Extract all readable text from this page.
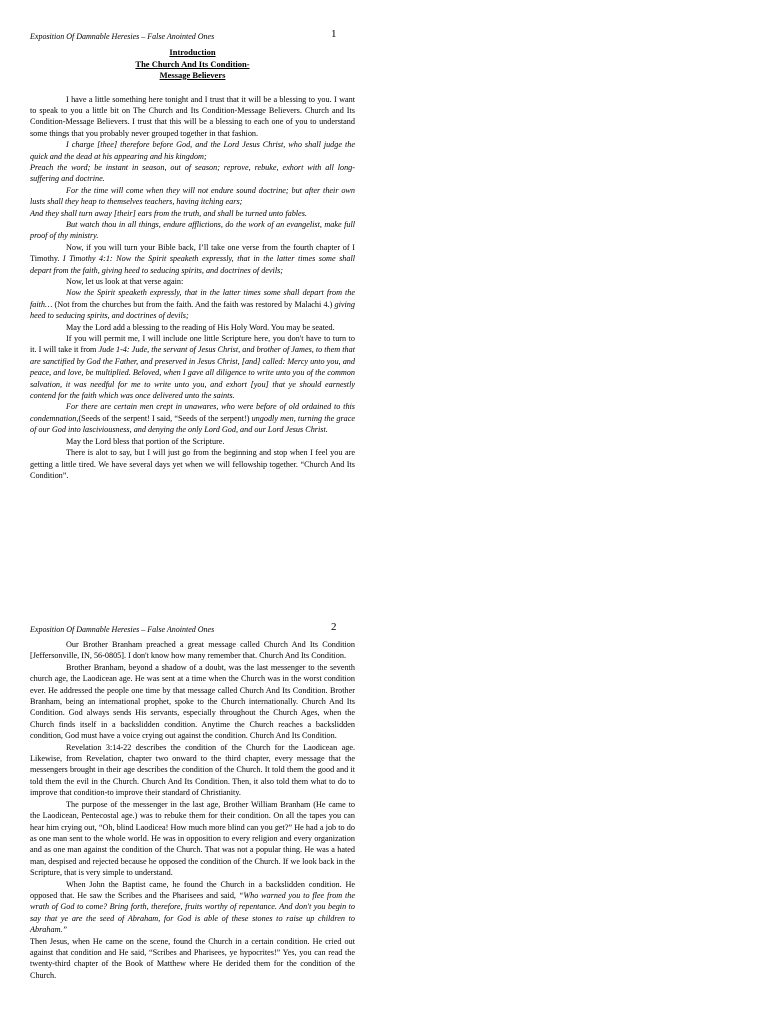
Exposition Of Damnable Heresies – False Anointed Ones	1
Introduction
The Church And Its Condition-
Message Believers

I have a little something here tonight and I trust that it will be a blessing to you. I want to speak to you a little bit on The Church and Its Condition-Message Believers. Church and Its Condition-Message Believers. I trust that this will be a blessing to each one of you to understand some things that you probably never grouped together in that fashion.

I charge [thee] therefore before God, and the Lord Jesus Christ, who shall judge the quick and the dead at his appearing and his kingdom;

Preach the word; be instant in season, out of season; reprove, rebuke, exhort with all long-suffering and doctrine.

For the time will come when they will not endure sound doctrine; but after their own lusts shall they heap to themselves teachers, having itching ears;

And they shall turn away [their] ears from the truth, and shall be turned unto fables.

But watch thou in all things, endure afflictions, do the work of an evangelist, make full proof of thy ministry.

Now, if you will turn your Bible back, I’ll take one verse from the fourth chapter of I Timothy. I Timothy 4:1: Now the Spirit speaketh expressly, that in the latter times some shall depart from the faith, giving heed to seducing spirits, and doctrines of devils;

Now, let us look at that verse again:

Now the Spirit speaketh expressly, that in the latter times some shall depart from the faith… (Not from the churches but from the faith. And the faith was restored by Malachi 4.) giving heed to seducing spirits, and doctrines of devils;

May the Lord add a blessing to the reading of His Holy Word. You may be seated.

If you will permit me, I will include one little Scripture here, you don't have to turn to it. I will take it from Jude 1-4: Jude, the servant of Jesus Christ, and brother of James, to them that are sanctified by God the Father, and preserved in Jesus Christ, [and] called: Mercy unto you, and peace, and love, be multiplied. Beloved, when I gave all diligence to write unto you of the common salvation, it was needful for me to write unto you, and exhort [you] that ye should earnestly contend for the faith which was once delivered unto the saints.

For there are certain men crept in unawares, who were before of old ordained to this condemnation,(Seeds of the serpent! I said, “Seeds of the serpent!) ungodly men, turning the grace of our God into lasciviousness, and denying the only Lord God, and our Lord Jesus Christ.

May the Lord bless that portion of the Scripture.

There is alot to say, but I will just go from the beginning and stop when I feel you are getting a little tired. We have several days yet when we will fellowship together. “Church And Its Condition”.

Exposition Of Damnable Heresies – False Anointed Ones	2

Our Brother Branham preached a great message called Church And Its Condition [Jeffersonville, IN, 56-0805]. I don't know how many remember that. Church And Its Condition.

Brother Branham, beyond a shadow of a doubt, was the last messenger to the seventh church age, the Laodicean age. He was sent at a time when the Church was in the worst condition ever. He addressed the people one time by that message called Church And Its Condition. Brother Branham, being an international prophet, spoke to the Church internationally. Church And Its Condition. God always sends His servants, especially throughout the Church Ages, when the Church finds itself in a backslidden condition. Anytime the Church reaches a backslidden condition, God must have a voice crying out against the condition. Church And Its Condition.

Revelation 3:14-22 describes the condition of the Church for the Laodicean age. Likewise, from Revelation, chapter two onward to the third chapter, every message that the messengers brought in their age describes the condition of the Church. It told them the good and it told them the evil in the Church. Church And Its Condition. Then, it also told them what to do to improve that condition-to improve their standard of Christianity.

The purpose of the messenger in the last age, Brother William Branham (He came to the Laodicean, Pentecostal age.) was to rebuke them for their condition. On all the tapes you can hear him crying out, “Oh, blind Laodicea! How much more blind can you get?” He had a job to do as one man sent to the whole world. He was in opposition to every religion and every organization and as one man against the condition of the Church. That was not a popular thing. He was a hated man, despised and rejected because he opposed the condition of the Church. If we look back in the Scripture, that is very simple to understand.

When John the Baptist came, he found the Church in a backslidden condition. He opposed that. He saw the Scribes and the Pharisees and said, “Who warned you to flee from the wrath of God to come? Bring forth, therefore, fruits worthy of repentance. And don't you begin to say that ye are the seed of Abraham, for God is able of these stones to raise up children to Abraham.”

Then Jesus, when He came on the scene, found the Church in a certain condition. He cried out against that condition and He said, “Scribes and Pharisees, ye hypocrites!” Yes, you can read the twenty-third chapter of the Book of Matthew where He derided them for the condition of the Church.
